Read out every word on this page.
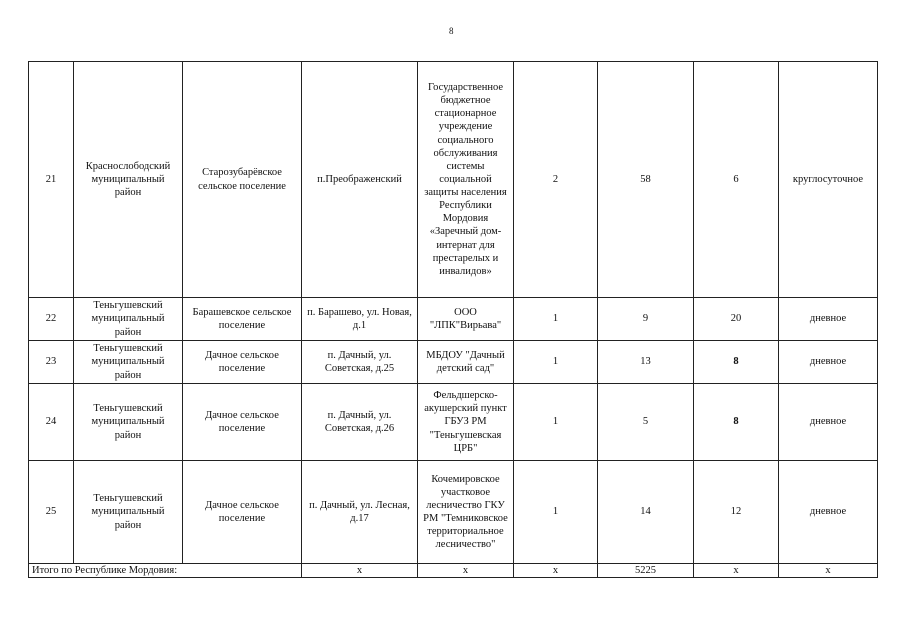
8
21	Краснослободский муниципальный район	Старозубарёвское сельское поселение	п.Преображенский	Государственное бюджетное стационарное учреждение социального обслуживания системы социальной защиты населения Республики Мордовия «Заречный дом-интернат для престарелых и инвалидов»	2	58	6	круглосуточное
22	Теньгушевский муниципальный район	Барашевское сельское поселение	п. Барашево, ул. Новая, д.1	ООО "ЛПК"Вирьава"	1	9	20	дневное
23	Теньгушевский муниципальный район	Дачное сельское поселение	п. Дачный, ул. Советская, д.25	МБДОУ "Дачный детский сад"	1	13	8	дневное
24	Теньгушевский муниципальный район	Дачное сельское поселение	п. Дачный, ул. Советская, д.26	Фельдшерско-акушерский пункт ГБУЗ РМ "Теньгушевская ЦРБ"	1	5	8	дневное
25	Теньгушевский муниципальный район	Дачное сельское поселение	п. Дачный, ул. Лесная, д.17	Кочемировское участковое лесничество ГКУ РМ "Темниковское территориальное лесничество"	1	14	12	дневное
Итого по Республике Мордовия:			х	х	х	5225	х	х
